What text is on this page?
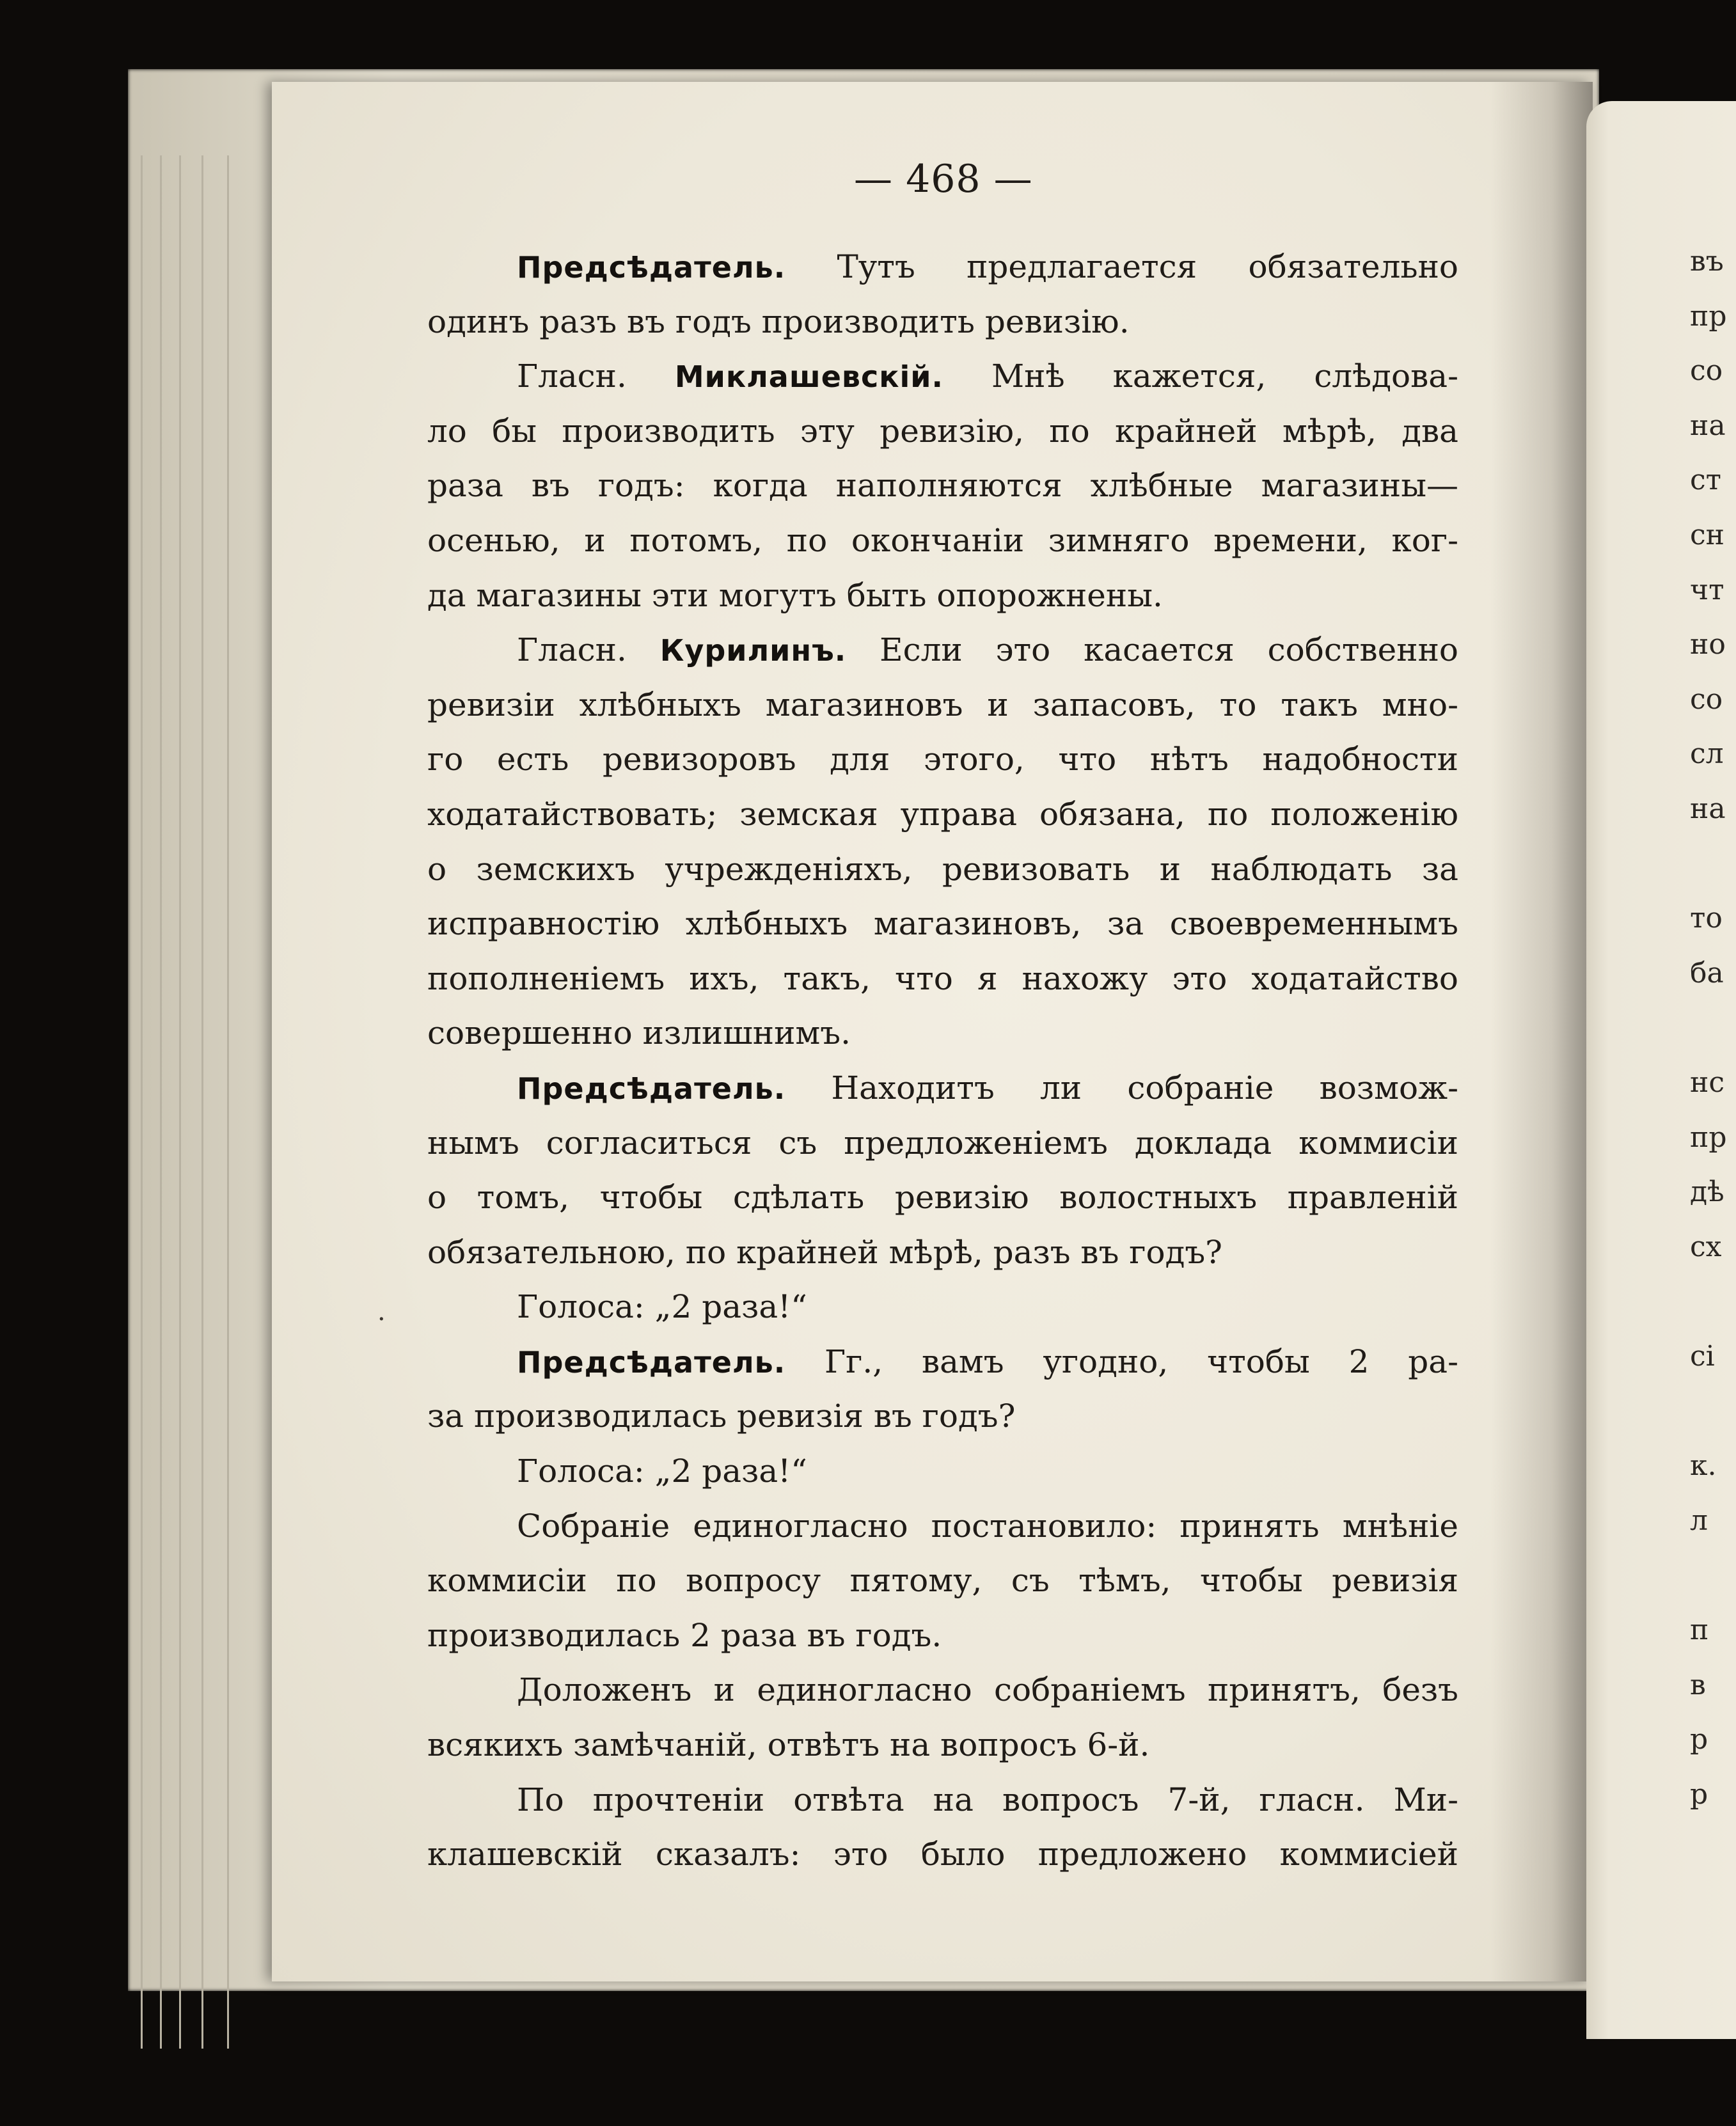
въ
пр
со
на
ст
сн
чт
но
со
сл
на
то
ба
нс
пр
дѣ
сх
сі
к.
л
п
в
р
р
— 468 —
Предсѣдатель. Тутъ предлагается обязательно
одинъ разъ въ годъ производить ревизію.
Гласн. Миклашевскій. Мнѣ кажется, слѣдова-
ло бы производить эту ревизію, по крайней мѣрѣ, два
раза въ годъ: когда наполняются хлѣбные магазины—
осенью, и потомъ, по окончаніи зимняго времени, ког-
да магазины эти могутъ быть опорожнены.
Гласн. Курилинъ. Если это касается собственно
ревизіи хлѣбныхъ магазиновъ и запасовъ, то такъ мно-
го есть ревизоровъ для этого, что нѣтъ надобности
ходатайствовать; земская управа обязана, по положенію
о земскихъ учрежденіяхъ, ревизовать и наблюдать за
исправностію хлѣбныхъ магазиновъ, за своевременнымъ
пополненіемъ ихъ, такъ, что я нахожу это ходатайство
совершенно излишнимъ.
Предсѣдатель. Находитъ ли собраніе возмож-
нымъ согласиться съ предложеніемъ доклада коммисіи
о томъ, чтобы сдѣлать ревизію волостныхъ правленій
обязательною, по крайней мѣрѣ, разъ въ годъ?
Голоса: „2 раза!“
Предсѣдатель. Гг., вамъ угодно, чтобы 2 ра-
за производилась ревизія въ годъ?
Голоса: „2 раза!“
Собраніе единогласно постановило: принять мнѣніе
коммисіи по вопросу пятому, съ тѣмъ, чтобы ревизія
производилась 2 раза въ годъ.
Доложенъ и единогласно собраніемъ принятъ, безъ
всякихъ замѣчаній, отвѣтъ на вопросъ 6-й.
По прочтеніи отвѣта на вопросъ 7-й, гласн. Ми-
клашевскій сказалъ: это было предложено коммисіей
·
